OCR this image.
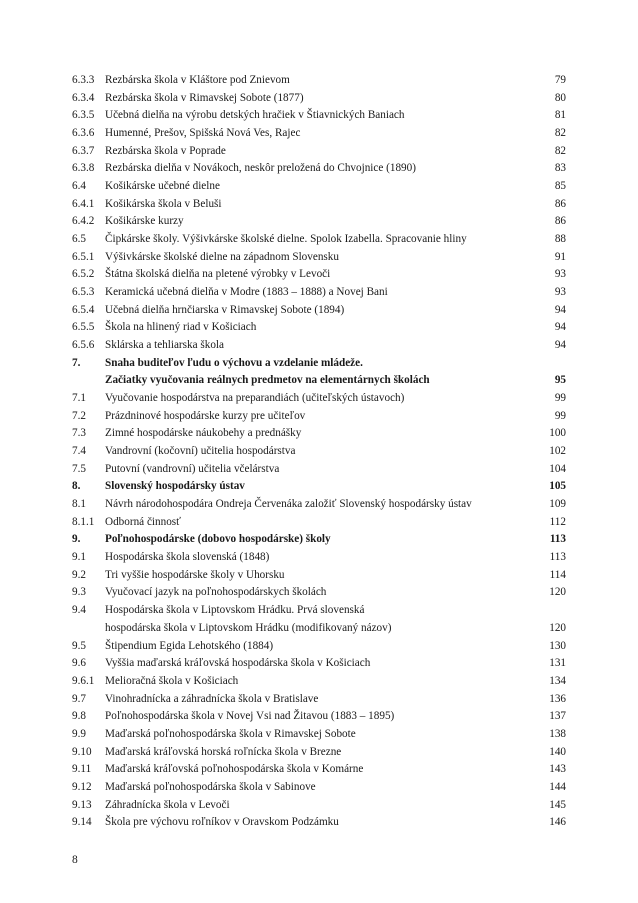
6.3.3 Rezbárska škola v Kláštore pod Znievom	79
6.3.4 Rezbárska škola v Rimavskej Sobote (1877)	80
6.3.5 Učebná dielňa na výrobu detských hračiek v Štiavnických Baniach	81
6.3.6 Humenné, Prešov, Spišská Nová Ves, Rajec	82
6.3.7 Rezbárska škola v Poprade	82
6.3.8 Rezbárska dielňa v Novákoch, neskôr preložená do Chvojnice (1890)	83
6.4	Košikárske učebné dielne	85
6.4.1 Košikárska škola v Beluši	86
6.4.2 Košikárske kurzy	86
6.5	Čipkárske školy. Výšivkárske školské dielne. Spolok Izabella. Spracovanie hliny	88
6.5.1 Výšivkárske školské dielne na západnom Slovensku	91
6.5.2 Štátna školská dielňa na pletené výrobky v Levoči	93
6.5.3 Keramická učebná dielňa v Modre (1883 – 1888) a Novej Bani	93
6.5.4 Učebná dielňa hrnčiarska v Rimavskej Sobote (1894)	94
6.5.5 Škola na hlinený riad v Košiciach	94
6.5.6 Sklárska a tehliarska škola	94
7.	Snaha buditeľov ľudu o výchovu a vzdelanie mládeže.
Začiatky vyučovania reálnych predmetov na elementárnych školách	95
7.1	Vyučovanie hospodárstva na preparandiách (učiteľských ústavoch)	99
7.2	Prázdninové hospodárske kurzy pre učiteľov	99
7.3	Zimné hospodárske náukobehy a prednášky	100
7.4	Vandrovní (kočovní) učitelia hospodárstva	102
7.5	Putovní (vandrovní) učitelia včelárstva	104
8.	Slovenský hospodársky ústav	105
8.1	Návrh národohospodára Ondreja Červenáka založiť Slovenský hospodársky ústav	109
8.1.1 Odborná činnosť	112
9.	Poľnohospodárske (dobovo hospodárske) školy	113
9.1	Hospodárska škola slovenská (1848)	113
9.2	Tri vyššie hospodárske školy v Uhorsku	114
9.3	Vyučovací jazyk na poľnohospodárskych školách	120
9.4	Hospodárska škola v Liptovskom Hrádku. Prvá slovenská
hospodárska škola v Liptovskom Hrádku (modifikovaný názov)	120
9.5	Štipendium Egida Lehotského (1884)	130
9.6	Vyššia maďarská kráľovská hospodárska škola v Košiciach	131
9.6.1 Melioračná škola v Košiciach	134
9.7	Vinohradnícka a záhradnícka škola v Bratislave	136
9.8	Poľnohospodárska škola v Novej Vsi nad Žitavou (1883 – 1895)	137
9.9	Maďarská poľnohospodárska škola v Rimavskej Sobote	138
9.10	Maďarská kráľovská horská roľnícka škola v Brezne	140
9.11	Maďarská kráľovská poľnohospodárska škola v Komárne	143
9.12	Maďarská poľnohospodárska škola v Sabinove	144
9.13	Záhradnícka škola v Levoči	145
9.14	Škola pre výchovu roľníkov v Oravskom Podzámku	146
8
